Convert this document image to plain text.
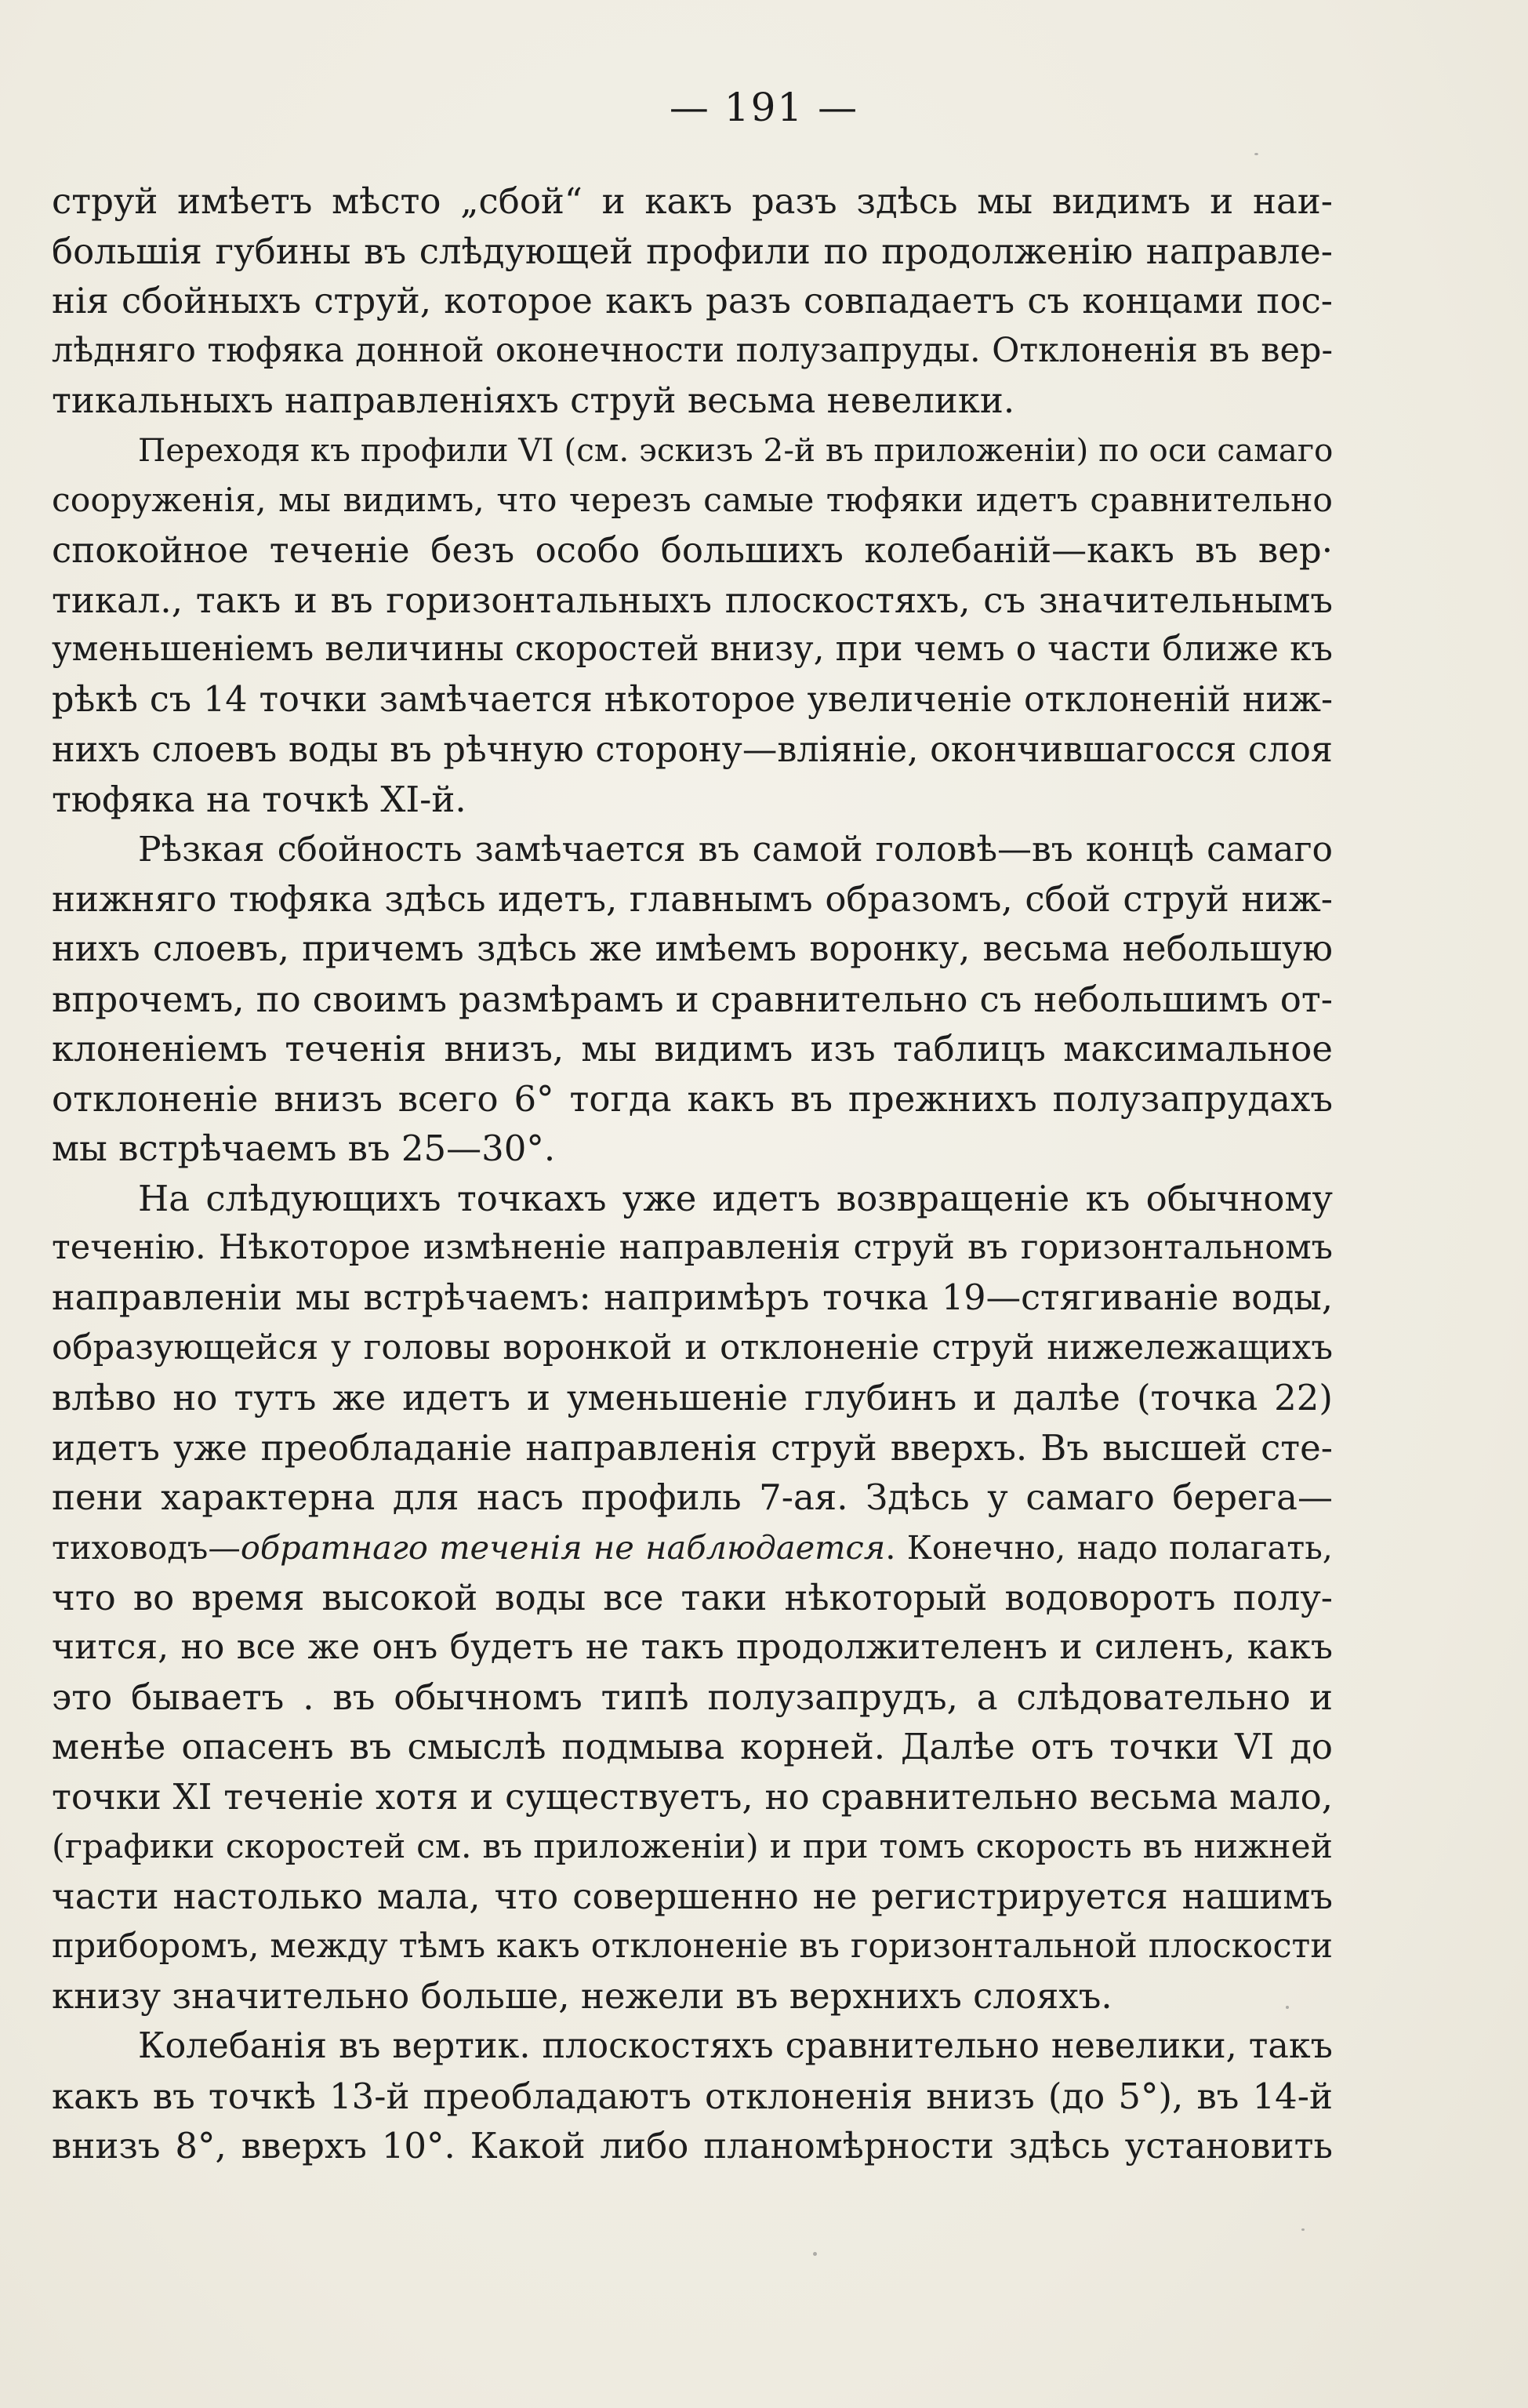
— 191 —
струй имѣетъ мѣсто „сбой“ и какъ разъ здѣсь мы видимъ и наи-
большія губины въ слѣдующей профили по продолженію направле-
нія сбойныхъ струй, которое какъ разъ совпадаетъ съ концами пос-
лѣдняго тюфяка донной оконечности полузапруды. Отклоненія въ вер-
тикальныхъ направленіяхъ струй весьма невелики.
Переходя къ профили VI (см. эскизъ 2-й въ приложеніи) по оси самаго
сооруженія, мы видимъ, что черезъ самые тюфяки идетъ сравнительно
спокойное теченіе безъ особо большихъ колебаній—какъ въ вер·
тикал., такъ и въ горизонтальныхъ плоскостяхъ, съ значительнымъ
уменьшеніемъ величины скоростей внизу, при чемъ о части ближе къ
рѣкѣ съ 14 точки замѣчается нѣкоторое увеличеніе отклоненій ниж-
нихъ слоевъ воды въ рѣчную сторону—вліяніе, окончившагосся слоя
тюфяка на точкѣ XI-й.
Рѣзкая сбойность замѣчается въ самой головѣ—въ концѣ самаго
нижняго тюфяка здѣсь идетъ, главнымъ образомъ, сбой струй ниж-
нихъ слоевъ, причемъ здѣсь же имѣемъ воронку, весьма небольшую
впрочемъ, по своимъ размѣрамъ и сравнительно съ небольшимъ от-
клоненіемъ теченія внизъ, мы видимъ изъ таблицъ максимальное
отклоненіе внизъ всего 6° тогда какъ въ прежнихъ полузапрудахъ
мы встрѣчаемъ въ 25—30°.
На слѣдующихъ точкахъ уже идетъ возвращеніе къ обычному
теченію. Нѣкоторое измѣненіе направленія струй въ горизонтальномъ
направленіи мы встрѣчаемъ: напримѣръ точка 19—стягиваніе воды,
образующейся у головы воронкой и отклоненіе струй нижележащихъ
влѣво но тутъ же идетъ и уменьшеніе глубинъ и далѣе (точка 22)
идетъ уже преобладаніе направленія струй вверхъ. Въ высшей сте-
пени характерна для насъ профиль 7-ая. Здѣсь у самаго берега—
тиховодъ—обратнаго теченія не наблюдается. Конечно, надо полагать,
что во время высокой воды все таки нѣкоторый водоворотъ полу-
чится, но все же онъ будетъ не такъ продолжителенъ и силенъ, какъ
это бываетъ . въ обычномъ типѣ полузапрудъ, а слѣдовательно и
менѣе опасенъ въ смыслѣ подмыва корней. Далѣе отъ точки VI до
точки XI теченіе хотя и существуетъ, но сравнительно весьма мало,
(графики скоростей см. въ приложеніи) и при томъ скорость въ нижней
части настолько мала, что совершенно не регистрируется нашимъ
приборомъ, между тѣмъ какъ отклоненіе въ горизонтальной плоскости
книзу значительно больше, нежели въ верхнихъ слояхъ.
Колебанія въ вертик. плоскостяхъ сравнительно невелики, такъ
какъ въ точкѣ 13-й преобладаютъ отклоненія внизъ (до 5°), въ 14-й
внизъ 8°, вверхъ 10°. Какой либо планомѣрности здѣсь установить
